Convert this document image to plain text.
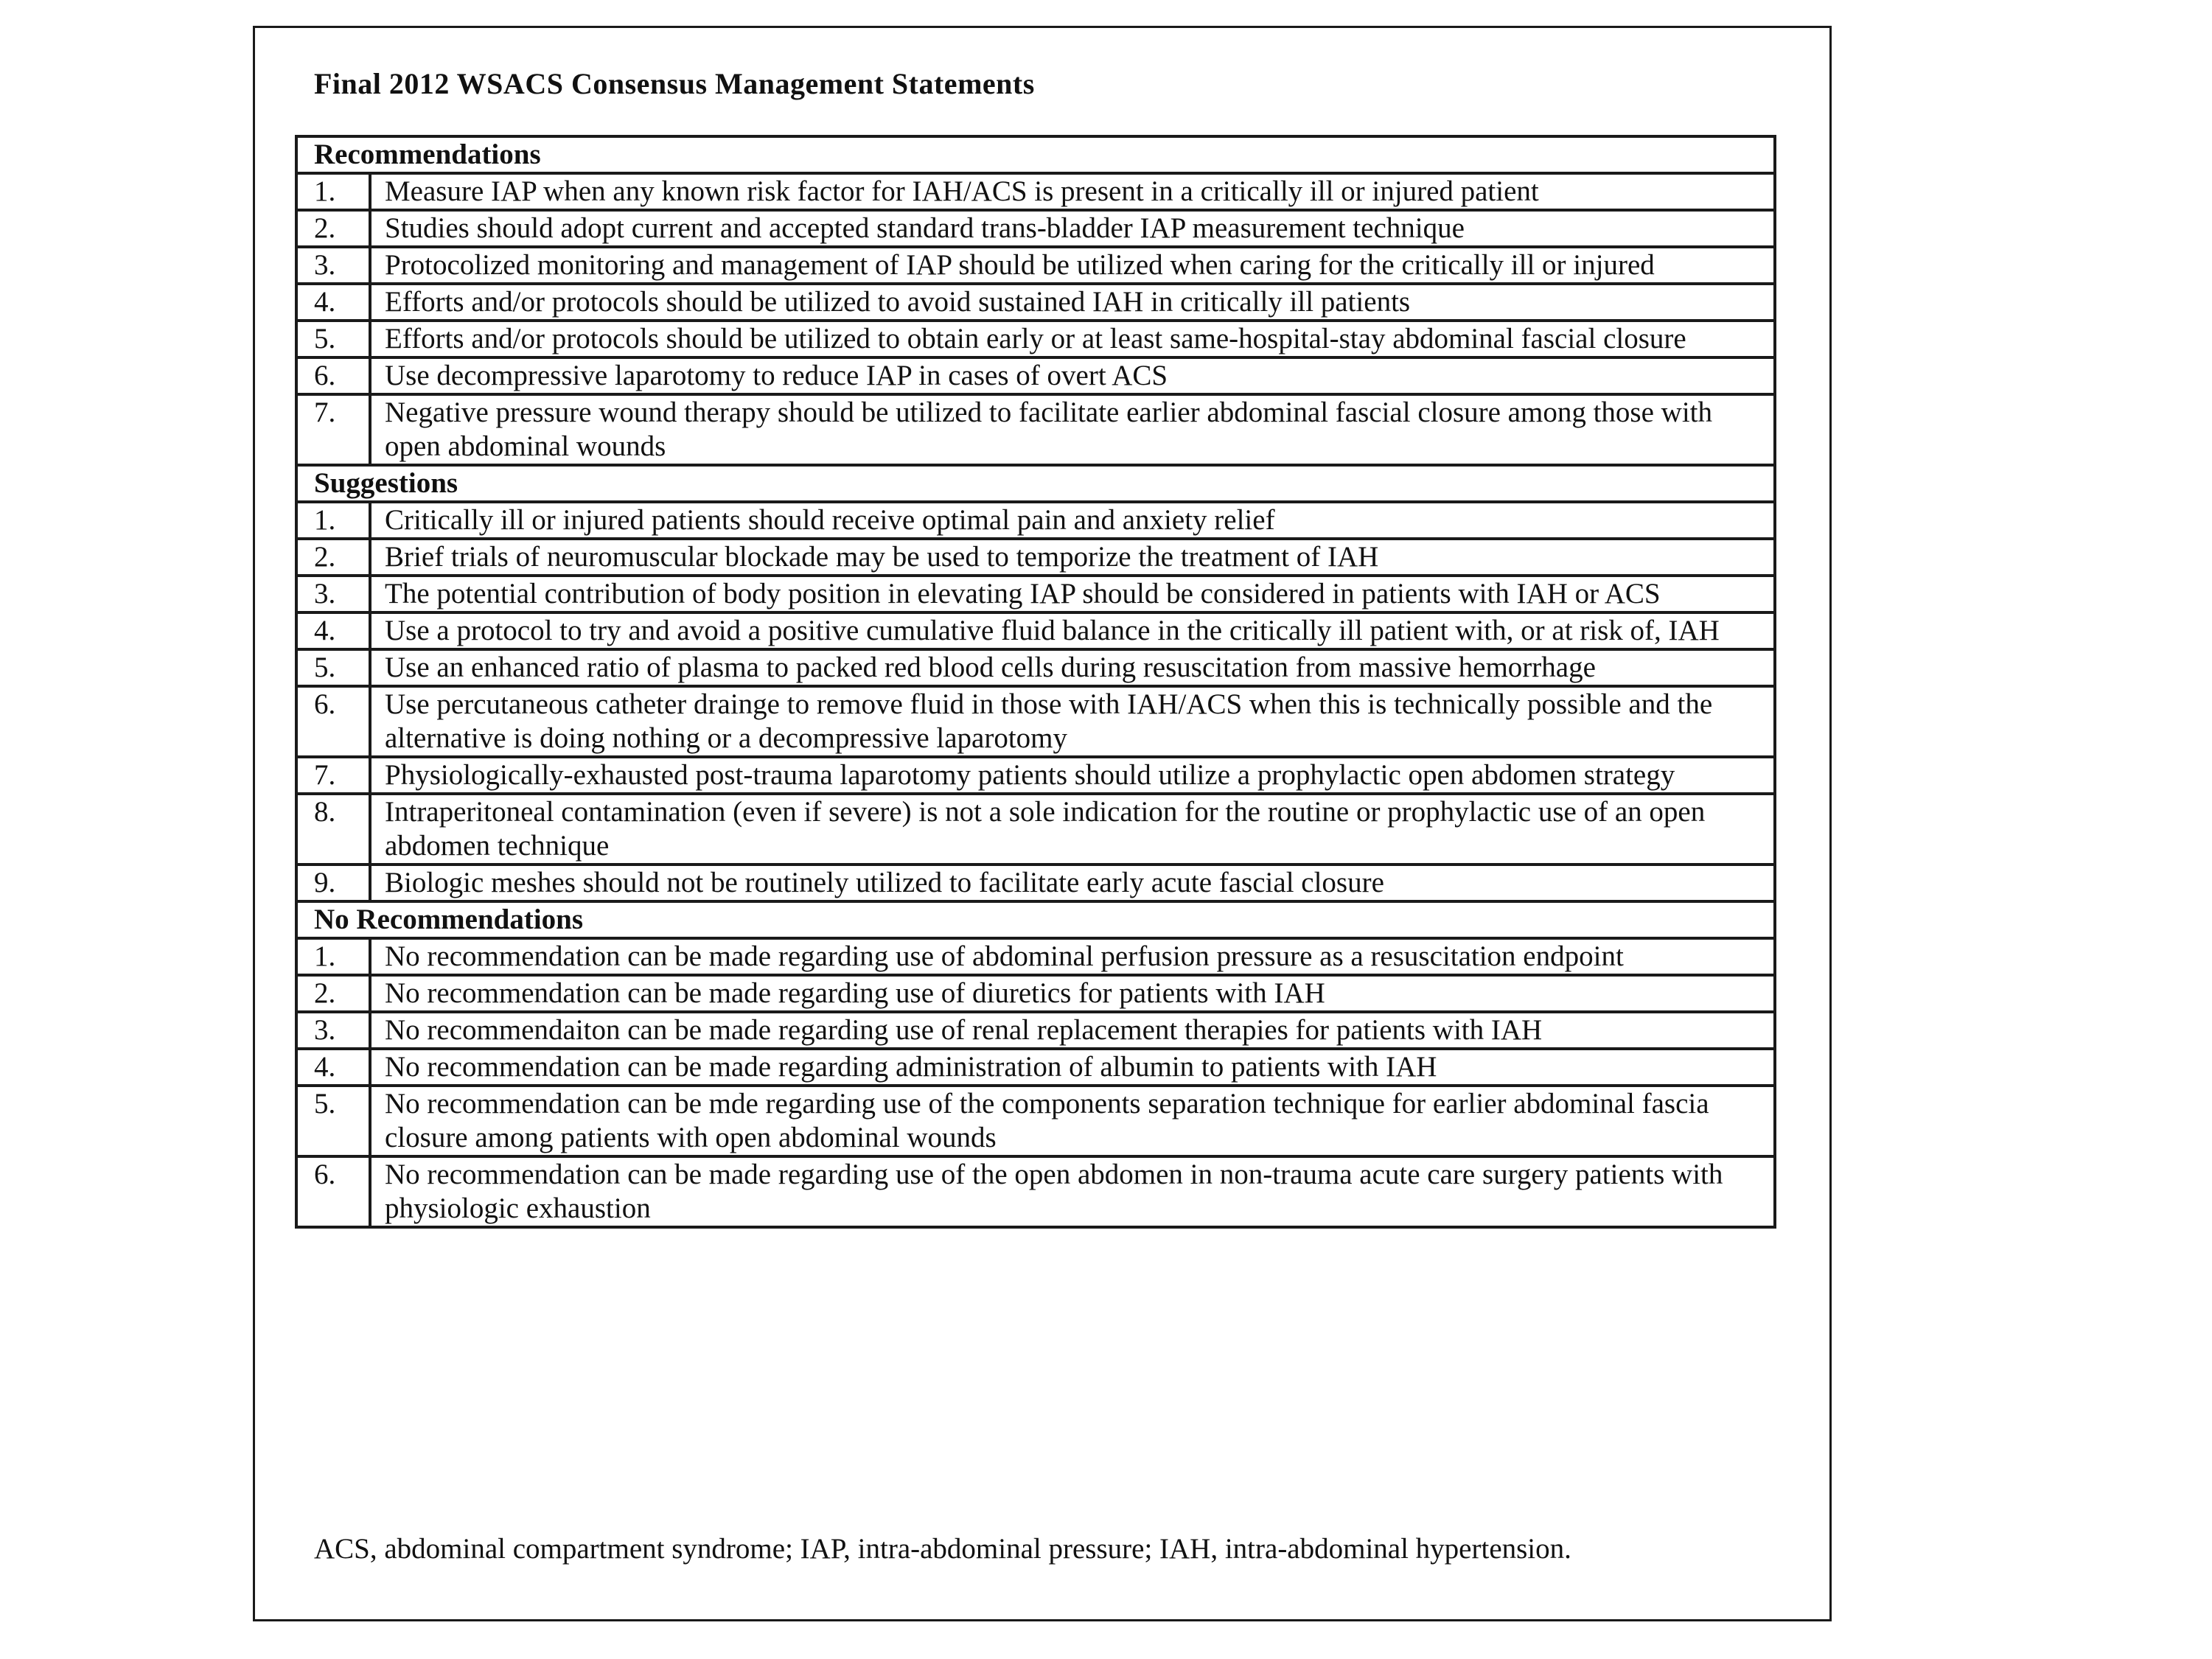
Final 2012 WSACS Consensus Management Statements
Recommendations	
1.	Measure IAP when any known risk factor for IAH/ACS is present in a critically ill or injured patient
2.	Studies should adopt current and accepted standard trans-bladder IAP measurement technique
3.	Protocolized monitoring and management of IAP should be utilized when caring for the critically ill or injured
4.	Efforts and/or protocols should be utilized to avoid sustained IAH in critically ill patients
5.	Efforts and/or protocols should be utilized to obtain early or at least same-hospital-stay abdominal fascial closure
6.	Use decompressive laparotomy to reduce IAP in cases of overt ACS
7.	Negative pressure wound therapy should be utilized to facilitate earlier abdominal fascial closure among those with open abdominal wounds
Suggestions	
1.	Critically ill or injured patients should receive optimal pain and anxiety relief
2.	Brief trials of neuromuscular blockade may be used to temporize the treatment of IAH
3.	The potential contribution of body position in elevating IAP should be considered in patients with IAH or ACS
4.	Use a protocol to try and avoid a positive cumulative fluid balance in the critically ill patient with, or at risk of, IAH
5.	Use an enhanced ratio of plasma to packed red blood cells during resuscitation from massive hemorrhage
6.	Use percutaneous catheter drainge to remove fluid in those with IAH/ACS when this is technically possible and the alternative is doing nothing or a decompressive laparotomy
7.	Physiologically-exhausted post-trauma laparotomy patients should utilize a prophylactic open abdomen strategy
8.	Intraperitoneal contamination (even if severe) is not a sole indication for the routine or prophylactic use of an open abdomen technique
9.	Biologic meshes should not be routinely utilized to facilitate early acute fascial closure
No Recommendations	
1.	No recommendation can be made regarding use of abdominal perfusion pressure as a resuscitation endpoint
2.	No recommendation can be made regarding use of diuretics for patients with IAH
3.	No recommendaiton can be made regarding use of renal replacement therapies for patients with IAH
4.	No recommendation can be made regarding administration of albumin to patients with IAH
5.	No recommendation can be mde regarding use of the components separation technique for earlier abdominal fascia closure among patients with open abdominal wounds
6.	No recommendation can be made regarding use of the open abdomen in non-trauma acute care surgery patients with physiologic exhaustion
ACS, abdominal compartment syndrome; IAP, intra-abdominal pressure; IAH, intra-abdominal hypertension.
